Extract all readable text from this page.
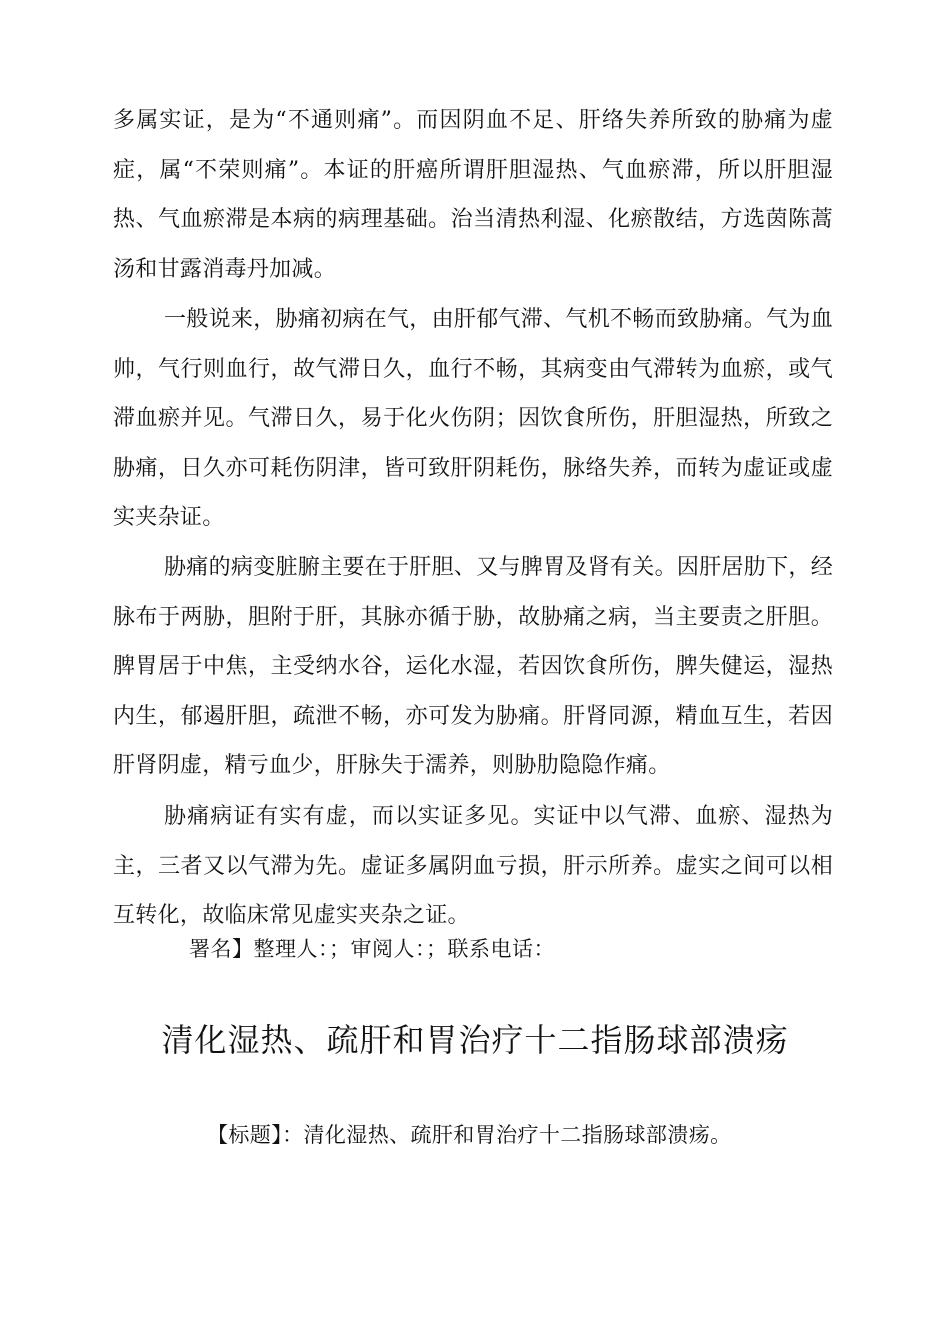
多属实证，是为“不通则痛”。而因阴血不足、肝络失养所致的胁痛为虚症，属“不荣则痛”。本证的肝癌所谓肝胆湿热、气血瘀滞，所以肝胆湿热、气血瘀滞是本病的病理基础。治当清热利湿、化瘀散结，方选茵陈蒿汤和甘露消毒丹加减。

一般说来，胁痛初病在气，由肝郁气滞、气机不畅而致胁痛。气为血帅，气行则血行，故气滞日久，血行不畅，其病变由气滞转为血瘀，或气滞血瘀并见。气滞日久，易于化火伤阴；因饮食所伤，肝胆湿热，所致之胁痛，日久亦可耗伤阴津，皆可致肝阴耗伤，脉络失养，而转为虚证或虚实夹杂证。

胁痛的病变脏腑主要在于肝胆、又与脾胃及肾有关。因肝居肋下，经脉布于两胁，胆附于肝，其脉亦循于胁，故胁痛之病，当主要责之肝胆。脾胃居于中焦，主受纳水谷，运化水湿，若因饮食所伤，脾失健运，湿热内生，郁遏肝胆，疏泄不畅，亦可发为胁痛。肝肾同源，精血互生，若因肝肾阴虚，精亏血少，肝脉失于濡养，则胁肋隐隐作痛。

胁痛病证有实有虚，而以实证多见。实证中以气滞、血瘀、湿热为主，三者又以气滞为先。虚证多属阴血亏损，肝示所养。虚实之间可以相互转化，故临床常见虚实夹杂之证。

署名】整理人：；审阅人：；联系电话：
清化湿热、疏肝和胃治疗十二指肠球部溃疡
【标题】：清化湿热、疏肝和胃治疗十二指肠球部溃疡。
